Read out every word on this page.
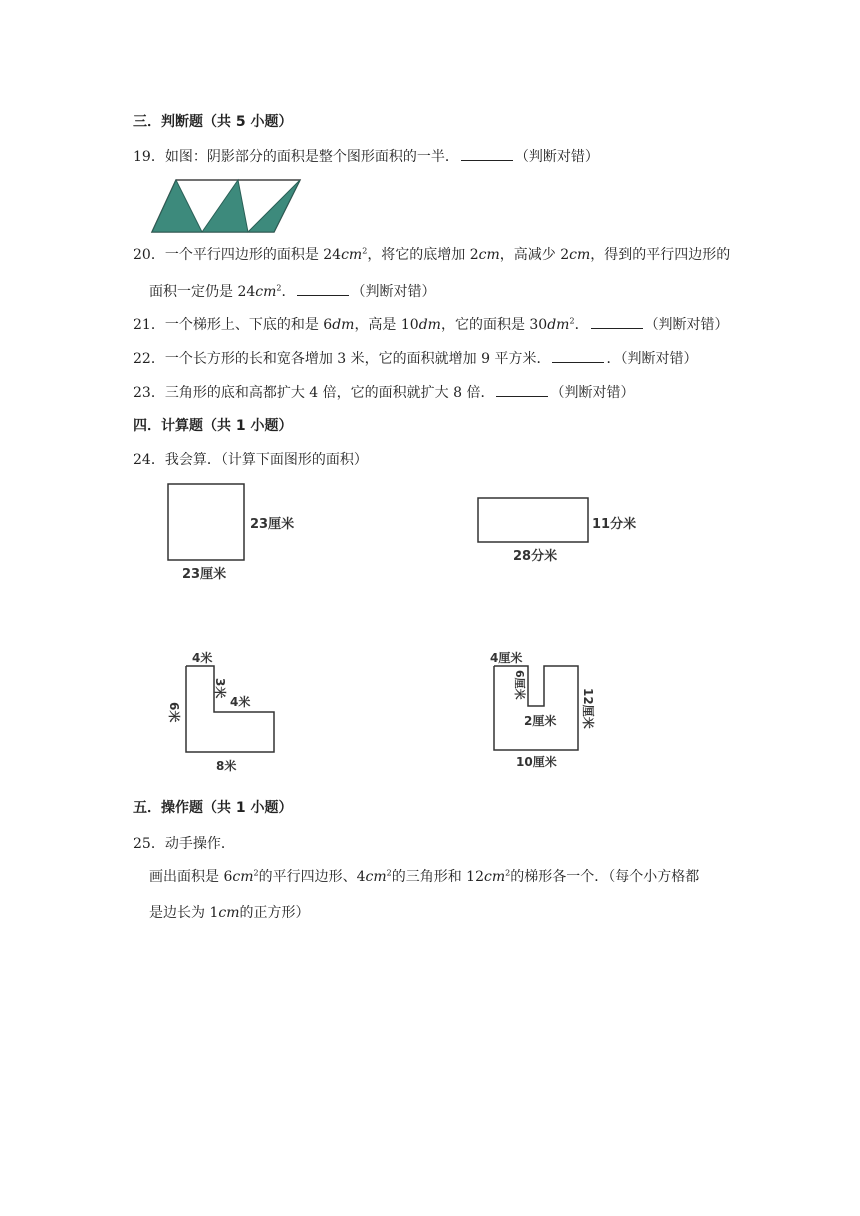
三．判断题（共 5 小题）
19．如图：阴影部分的面积是整个图形面积的一半．	（判断对错）
20．一个平行四边形的面积是 $24cm^2$，将它的底增加 2cm，高减少 2cm，得到的平行四边形的
面积一定仍是 $24cm^2$．	（判断对错）
21．一个梯形上、下底的和是 6dm，高是 10dm，它的面积是 $30dm^2$．	（判断对错）
22．一个长方形的长和宽各增加 3 米，它的面积就增加 9 平方米．	．（判断对错）
23．三角形的底和高都扩大 4 倍，它的面积就扩大 8 倍．	（判断对错）
四．计算题（共 1 小题）
24．我会算．（计算下面图形的面积）
23厘米
23厘米
11分米
28分米
4米
3米
4米
6米
8米
4厘米
6厘米
2厘米 12厘米
10厘米
五．操作题（共 1 小题）
25．动手操作．
画出面积是 $6cm^2$的平行四边形、$4cm^2$的三角形和 $12cm^2$的梯形各一个．（每个小方格都
是边长为 1cm的正方形）
